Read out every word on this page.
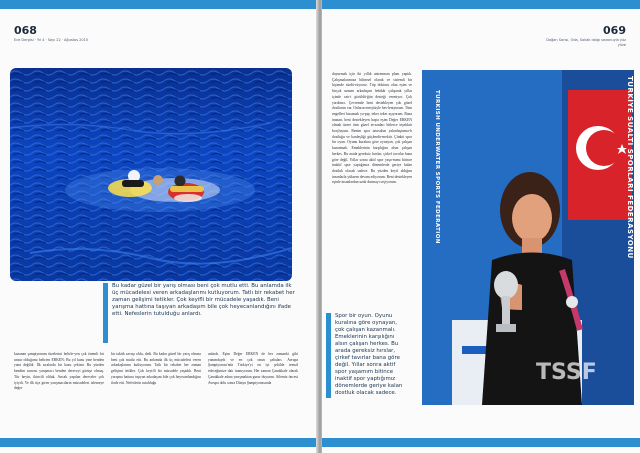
068
Ece Dergisi · Yıl 4 · Sayı 22 · Ağustos 2010
Bu kadar güzel bir yarış olması beni çok mutlu etti. Bu anlamda ilk üç mücadelesi veren arkadaşlarımı kutluyorum. Tatlı bir rekabet her zaman gelişimi tetikler. Çok keyifli bir mücadele yaşadık. Beni yarışma hattına taşıyan arkadaşım bile çok heyecanlandığını ifade etti. Nefeslerin tutulduğu anlardı.

kazanan şampiyonum tüzelerini belirle-yen çok önemli bir unsur olduğunu belirten ERKEN; Bu yıl kuzu yine benden yana değildi. İlk sıralarda bir kuzu çekimi. Bu yüzden bendim sonrası yarışmacı benden dereceyi görüşe olmuş. Tür beyin, ikincili olduk. Ancak yapılan dereceler çok iyiydi. Ve ilk üçe giren yarışmacıların mücadelesi izlemeye değer

bir taktik savaşı oldu, dedi. Bu kadar güzel bir yarış olması beni çok mutlu etti. Bu anlamda ilk üç mücadelesi veren arkadaşlarımı kutluyorum. Tatlı bir rekabet her zaman gelişimi tetikler. Çok keyifli bir mücadele yaşadık. Beni yarışma hattına taşıyan arkadaşım bile çok heyecanlandığını ifade etti. Nefeslerin tutulduğu

anlardı. Eşim Değer ERKEN de her zamanki gibi yanımdaydı ve en çok onun çabaları. Avrupa Şampiyonası'nda Türkiye'yi en iyi şekilde temsil edeceğimize dair inanıyorum. Her zaman Çanakkale olarak Çanakkale adına yarışmaktan gurur duyarım. Ailemiz öncesi Avrupa dolu sonra Dünya Şampiyonasında

069
Doğan Sarısı, Oda, Sokak dalgı sezonuyla yüz yüze

duyurmak için iki yıllık antrenman planı yaptık. Çalışmalarımıza bilimsel olarak ve sistemli bir biçimde sürdü-rüyoruz. Tüp dokturu olan eşim ve birçok uzman arkadaşım fedakâr çalışarak yıllar içinde catı-i görüldü-ğün desteği vermiyor. Çok yardımcı. Çevremde beni destekleyen çok güzel dostlarım var. Onların enerjisiyle bes-leniyorum. Tüm engelleri basamak ya-pıp, teker teker aşıyorum. Bana inanan, beni destekleyen başta eşim Değer ERKEN olmak üzere tüm güzel in-sanları bitlerce teşekkür borçluyum. Benim spor tatusulun yakınlaştırma-lı dostluğu ve kardeşliği güçlendir-mektir. Çünkü spor bir oyun. Oyunu kuralına göre oynayan, çok çalışan kazanmalı. Emeklerinin karşılığını alsın çalışan herkes. Bu arada gereksiz hırslar, çirkef tavırlar bana göre değil. Yıllar sonra aktif spor yaşa-mımı bitince inaktif spor yaptığımız dönemlerde geriye kalan dostluk olacak sadece. Bu yüzden keyif aldığım insanlarla yüksem devam ediyorum. Beni destekleyen eşinle insanlardan uzak durmayı seçiyorum.

Spor bir oyun. Oyunu kuralına göre oynayan, çok çalışan kazanmalı. Emeklerinin karşılığını alsın çalışan herkes. Bu arada gereksiz hırslar, çirkef tavırlar bana göre değil. Yıllar sonra aktif spor yaşamım bitince inaktif spor yaptığımız dönemlerde geriye kalan dostluk olacak sadece.
TÜRKİYE SUALTI SPORLARI FEDERASYONU
TURKISH UNDERWATER SPORTS FEDERATION
TSSF
